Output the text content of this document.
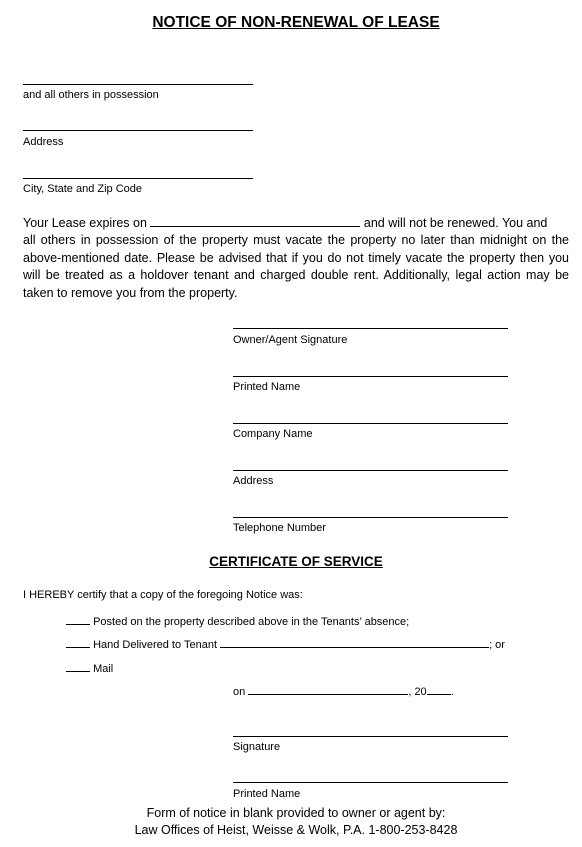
NOTICE OF NON-RENEWAL OF LEASE
and all others in possession
Address
City, State and Zip Code
Your Lease expires on	and will not be renewed. You and
all others in possession of the property must vacate the property no later than midnight on the above-mentioned date. Please be advised that if you do not timely vacate the property then you will be treated as a holdover tenant and charged double rent. Additionally, legal action may be taken to remove you from the property.
Owner/Agent Signature
Printed Name
Company Name
Address
Telephone Number
CERTIFICATE OF SERVICE
I HEREBY certify that a copy of the foregoing Notice was:
Posted on the property described above in the Tenants’ absence;
Hand Delivered to Tenant	; or
Mail
on	, 20 .
Signature
Printed Name
Form of notice in blank provided to owner or agent by:
Law Offices of Heist, Weisse & Wolk, P.A. 1-800-253-8428
